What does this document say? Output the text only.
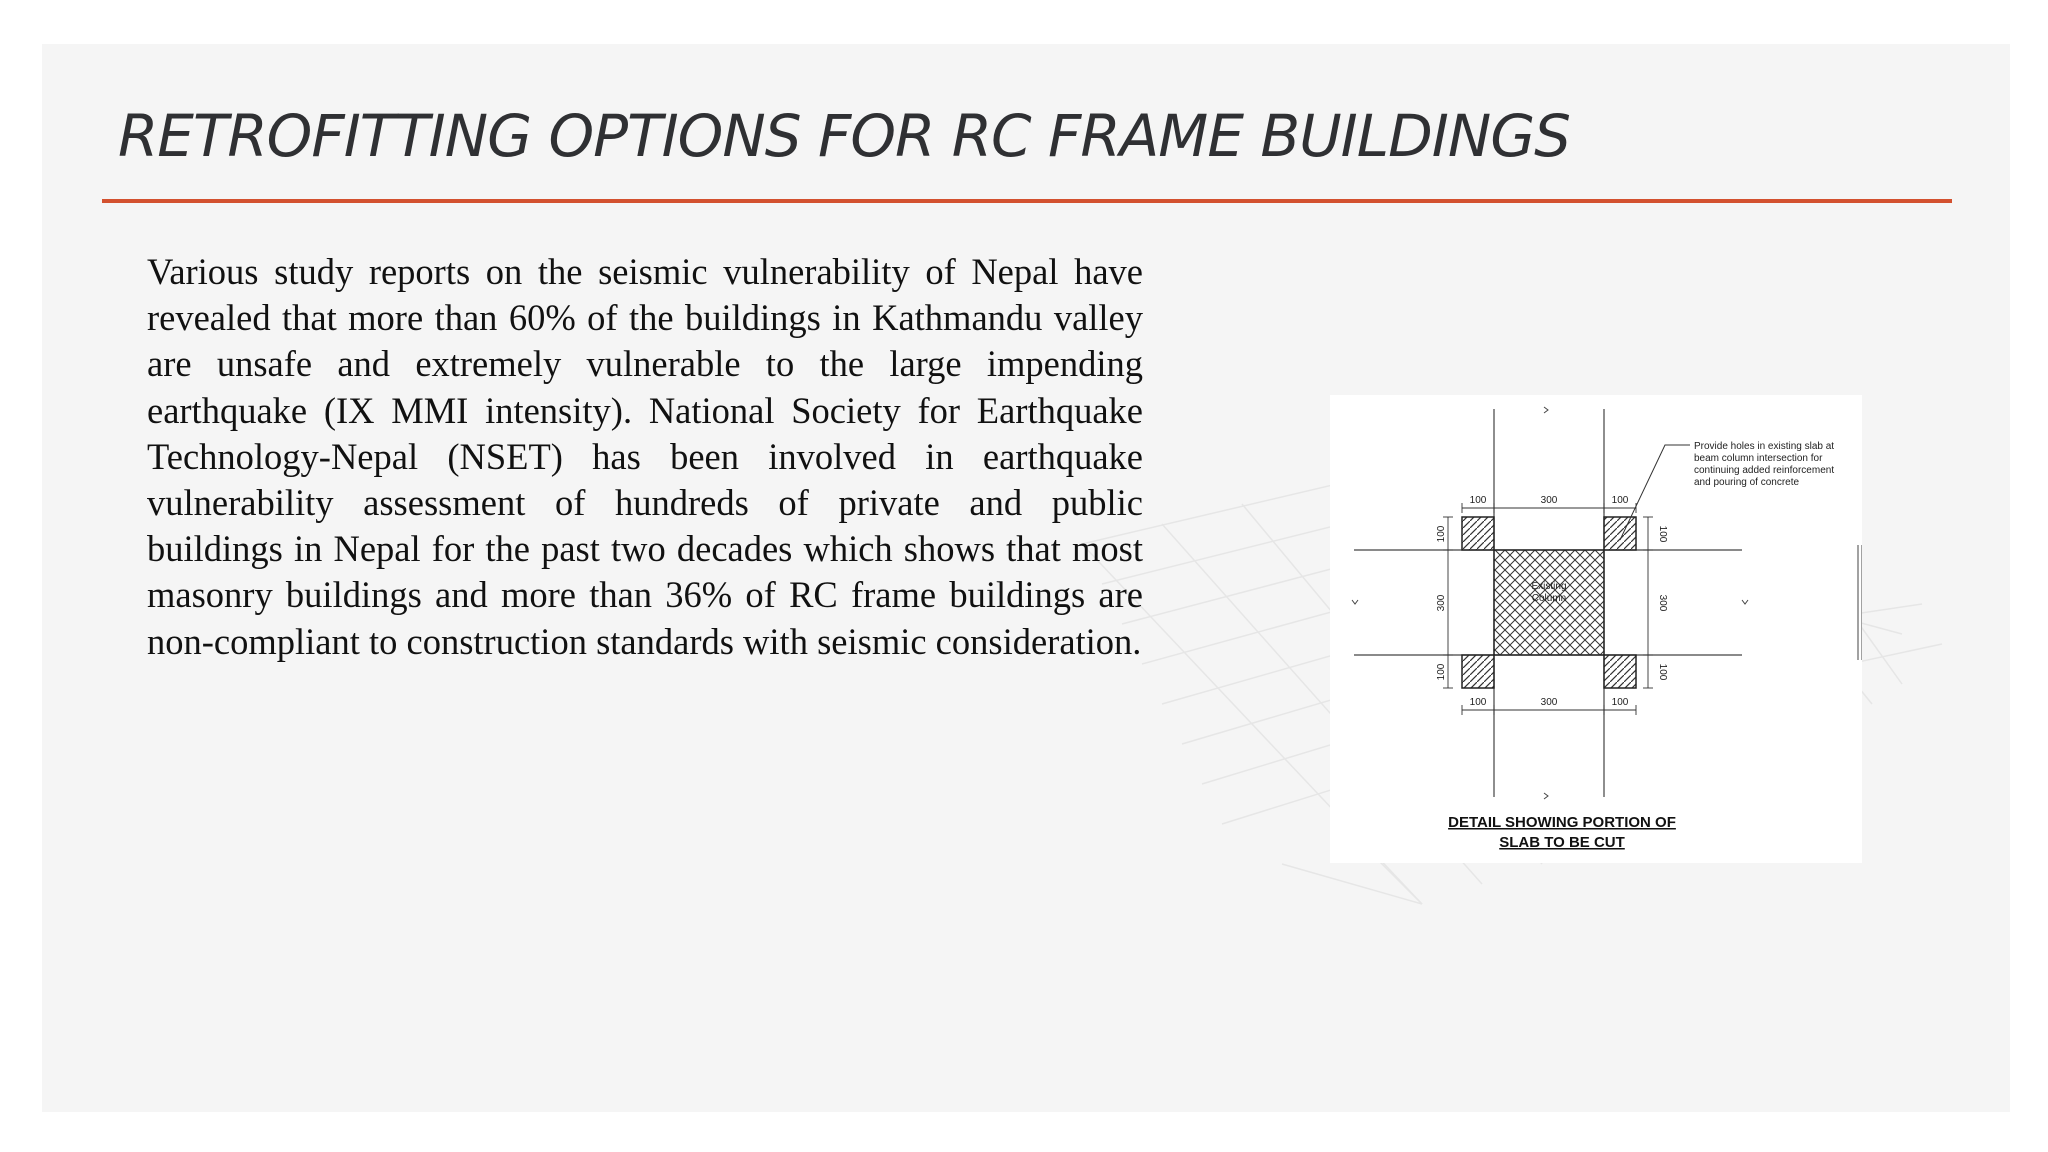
RETROFITTING OPTIONS FOR RC FRAME BUILDINGS

Various study reports on the seismic vulnerability of Nepal have revealed that more than 60% of the buildings in Kathmandu valley are unsafe and extremely vulnerable to the large impending earthquake (IX MMI intensity). National Society for Earthquake Technology-Nepal (NSET) has been involved in earthquake vulnerability assessment of hundreds of private and public buildings in Nepal for the past two decades which shows that most masonry buildings and more than 36% of RC frame buildings are non-compliant to construction standards with seismic consideration.

Existing
Column
100	300	100
100	300	100
100
300
100
100
300
100
Provide holes in existing slab at
beam column intersection for
continuing added reinforcement
and pouring of concrete
DETAIL SHOWING PORTION OF
SLAB TO BE CUT
